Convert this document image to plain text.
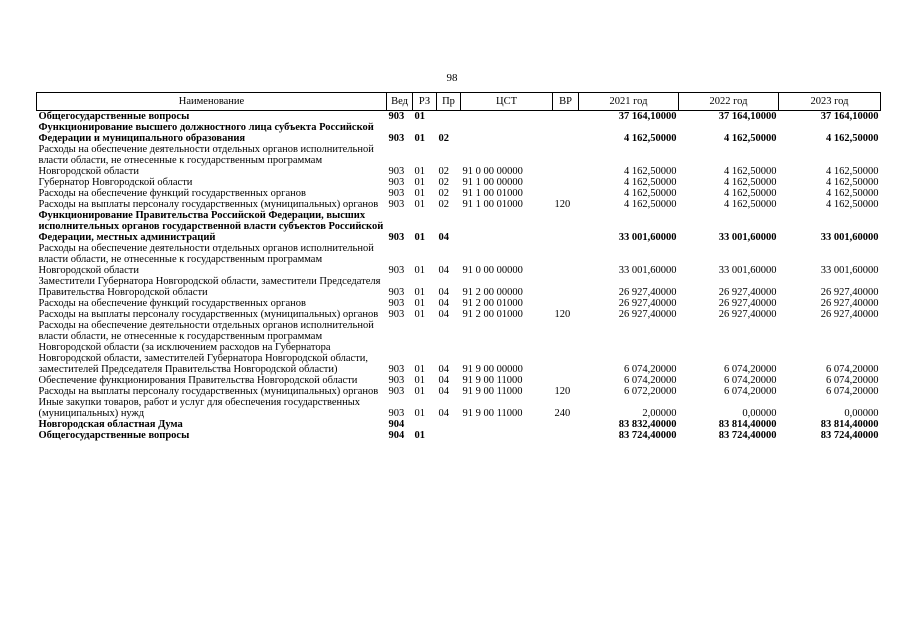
98
Наименование	Вед	РЗ	Пр	ЦСТ	ВР	2021 год	2022 год	2023 год
Общегосударственные вопросы	903	01				37 164,10000	37 164,10000	37 164,10000
Функционирование высшего должностного лица субъекта Российской Федерации и муниципального образования	903	01	02			4 162,50000	4 162,50000	4 162,50000
Расходы на обеспечение деятельности отдельных органов исполнительной власти области, не отнесенные к государственным программам Новгородской области	903	01	02	91 0 00 00000		4 162,50000	4 162,50000	4 162,50000
Губернатор Новгородской области	903	01	02	91 1 00 00000		4 162,50000	4 162,50000	4 162,50000
Расходы на обеспечение функций государственных органов	903	01	02	91 1 00 01000		4 162,50000	4 162,50000	4 162,50000
Расходы на выплаты персоналу государственных (муниципальных) органов	903	01	02	91 1 00 01000	120	4 162,50000	4 162,50000	4 162,50000
Функционирование Правительства Российской Федерации, высших исполнительных органов государственной власти субъектов Российской Федерации, местных администраций	903	01	04			33 001,60000	33 001,60000	33 001,60000
Расходы на обеспечение деятельности отдельных органов исполнительной власти области, не отнесенные к государственным программам Новгородской области	903	01	04	91 0 00 00000		33 001,60000	33 001,60000	33 001,60000
Заместители Губернатора Новгородской области, заместители Председателя Правительства Новгородской области	903	01	04	91 2 00 00000		26 927,40000	26 927,40000	26 927,40000
Расходы на обеспечение функций государственных органов	903	01	04	91 2 00 01000		26 927,40000	26 927,40000	26 927,40000
Расходы на выплаты персоналу государственных (муниципальных) органов	903	01	04	91 2 00 01000	120	26 927,40000	26 927,40000	26 927,40000
Расходы на обеспечение деятельности отдельных органов исполнительной власти области, не отнесенные к государственным программам Новгородской области (за исключением расходов на Губернатора Новгородской области, заместителей Губернатора Новгородской области, заместителей Председателя Правительства Новгородской области)	903	01	04	91 9 00 00000		6 074,20000	6 074,20000	6 074,20000
Обеспечение функционирования Правительства Новгородской области	903	01	04	91 9 00 11000		6 074,20000	6 074,20000	6 074,20000
Расходы на выплаты персоналу государственных (муниципальных) органов	903	01	04	91 9 00 11000	120	6 072,20000	6 074,20000	6 074,20000
Иные закупки товаров, работ и услуг для обеспечения государственных (муниципальных) нужд	903	01	04	91 9 00 11000	240	2,00000	0,00000	0,00000
Новгородская областная Дума	904					83 832,40000	83 814,40000	83 814,40000
Общегосударственные вопросы	904	01				83 724,40000	83 724,40000	83 724,40000
